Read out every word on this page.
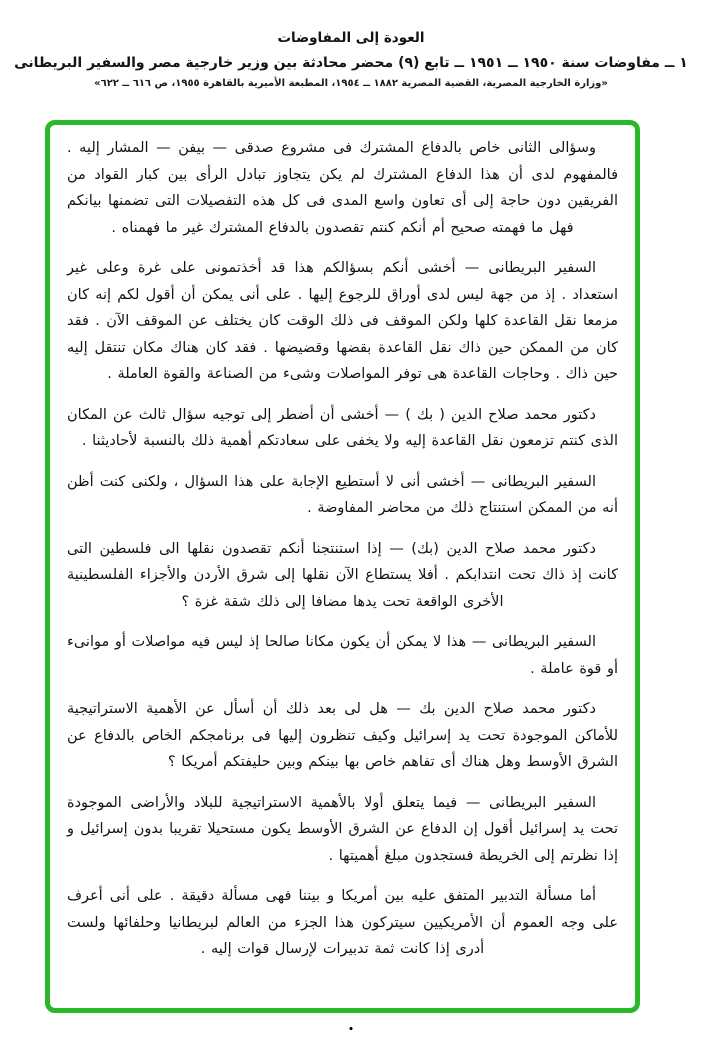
العودة إلى المفاوضات

١ ــ مفاوضات سنة ١٩٥٠ ــ ١٩٥١ ــ تابع (٩) محضر محادثة بين وزير خارجية مصر والسفير البريطانى

«وزارة الخارجية المصرية، القضية المصرية ١٨٨٢ ــ ١٩٥٤، المطبعة الأميرية بالقاهرة ١٩٥٥، ص ٦١٦ ــ ٦٢٢»

وسؤالى الثانى خاص بالدفاع المشترك فى مشروع صدقى — بيفن — المشار إليه . فالمفهوم لدى أن هذا الدفاع المشترك لم يكن يتجاوز تبادل الرأى بين كبار القواد من الفريقين دون حاجة إلى أى تعاون واسع المدى فى كل هذه التفصيلات التى تضمنها بيانكم فهل ما فهمته صحيح أم أنكم كنتم تقصدون بالدفاع المشترك غير ما فهمناه .

السفير البريطانى — أخشى أنكم بسؤالكم هذا قد أخذتمونى على غرة وعلى غير استعداد . إذ من جهة ليس لدى أوراق للرجوع إليها . على أنى يمكن أن أقول لكم إنه كان مزمعا نقل القاعدة كلها ولكن الموقف فى ذلك الوقت كان يختلف عن الموقف الآن . فقد كان من الممكن حين ذاك نقل القاعدة بقضها وقضيضها . فقد كان هناك مكان تنتقل إليه حين ذاك . وحاجات القاعدة هى توفر المواصلات وشىء من الصناعة والقوة العاملة .

دكتور محمد صلاح الدين ( بك ) — أخشى أن أضطر إلى توجيه سؤال ثالث عن المكان الذى كنتم تزمعون نقل القاعدة إليه ولا يخفى على سعادتكم أهمية ذلك بالنسبة لأحاديثنا .

السفير البريطانى — أخشى أنى لا أستطيع الإجابة على هذا السؤال ، ولكنى كنت أظن أنه من الممكن استنتاج ذلك من محاضر المفاوضة .

دكتور محمد صلاح الدين (بك) — إذا استنتجنا أنكم تقصدون نقلها الى فلسطين التى كانت إذ ذاك تحت انتدابكم . أفلا يستطاع الآن نقلها إلى شرق الأردن والأجزاء الفلسطينية الأخرى الواقعة تحت يدها مضافا إلى ذلك شقة غزة ؟

السفير البريطانى — هذا لا يمكن أن يكون مكانا صالحا إذ ليس فيه مواصلات أو موانىء أو قوة عاملة .

دكتور محمد صلاح الدين بك — هل لى بعد ذلك أن أسأل عن الأهمية الاستراتيجية للأماكن الموجودة تحت يد إسرائيل وكيف تنظرون إليها فى برنامجكم الخاص بالدفاع عن الشرق الأوسط وهل هناك أى تفاهم خاص بها بينكم وبين حليفتكم أمريكا ؟

السفير البريطانى — فيما يتعلق أولا بالأهمية الاستراتيجية للبلاد والأراضى الموجودة تحت يد إسرائيل أقول إن الدفاع عن الشرق الأوسط يكون مستحيلا تقريبا بدون إسرائيل و إذا نظرتم إلى الخريطة فستجدون مبلغ أهميتها .

أما مسألة التدبير المتفق عليه بين أمريكا و بيننا فهى مسألة دقيقة . على أنى أعرف على وجه العموم أن الأمريكيين سيتركون هذا الجزء من العالم لبريطانيا وحلفائها ولست أدرى إذا كانت ثمة تدبيرات لإرسال قوات إليه .

•
